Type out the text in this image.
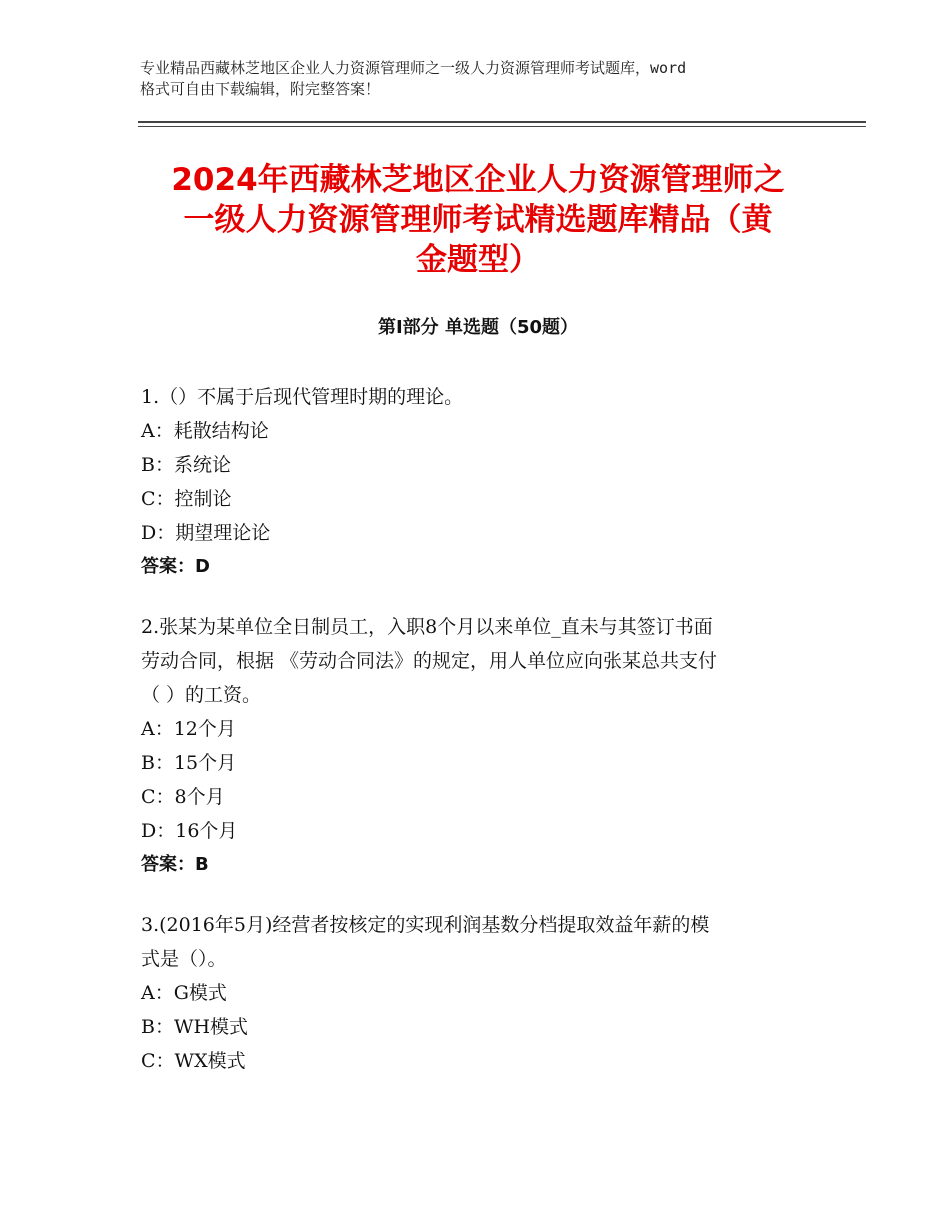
专业精品西藏林芝地区企业人力资源管理师之一级人力资源管理师考试题库，word
格式可自由下载编辑，附完整答案！
2024年西藏林芝地区企业人力资源管理师之
一级人力资源管理师考试精选题库精品（黄
金题型）
第Ⅰ部分 单选题（50题）

1.（）不属于后现代管理时期的理论。

A：耗散结构论

B：系统论

C：控制论

D：期望理论论

答案：D

2.张某为某单位全日制员工，入职8个月以来单位_直未与其签订书面

劳动合同，根据 《劳动合同法》的规定，用人单位应向张某总共支付

（ ）的工资。

A：12个月

B：15个月

C：8个月

D：16个月

答案：B

3.(2016年5月)经营者按核定的实现利润基数分档提取效益年薪的模

式是（）。

A：G模式

B：WH模式

C：WX模式
